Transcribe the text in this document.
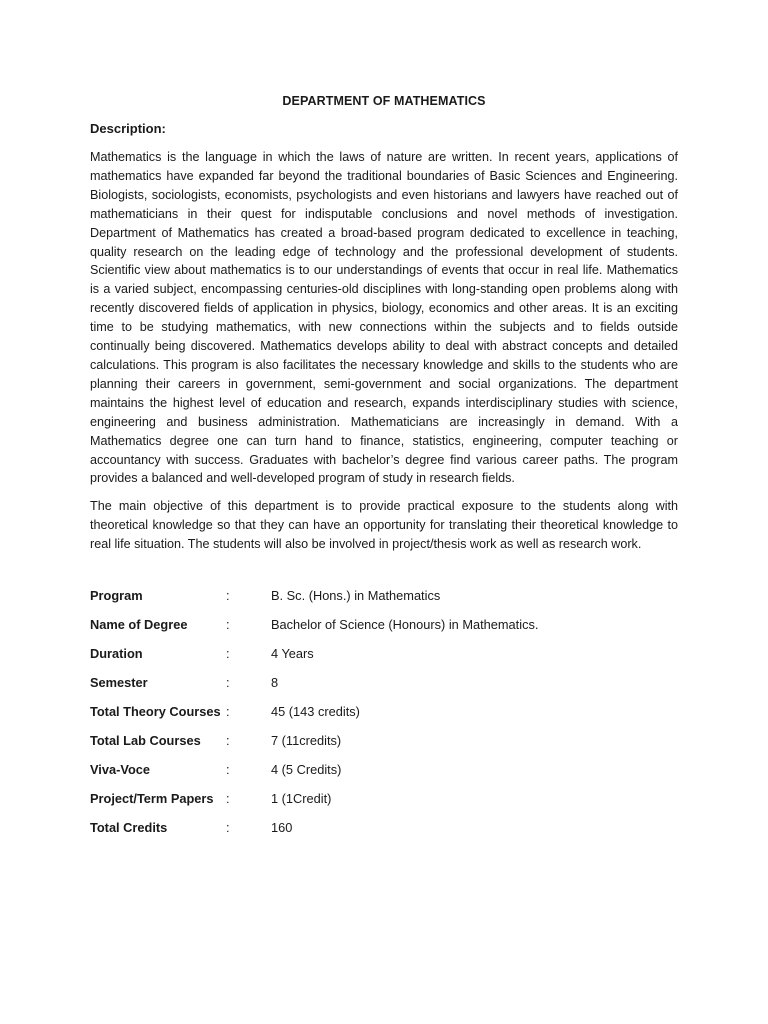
DEPARTMENT OF MATHEMATICS
Description:

Mathematics is the language in which the laws of nature are written. In recent years, applications of mathematics have expanded far beyond the traditional boundaries of Basic Sciences and Engineering. Biologists, sociologists, economists, psychologists and even historians and lawyers have reached out of mathematicians in their quest for indisputable conclusions and novel methods of investigation. Department of Mathematics has created a broad-based program dedicated to excellence in teaching, quality research on the leading edge of technology and the professional development of students. Scientific view about mathematics is to our understandings of events that occur in real life. Mathematics is a varied subject, encompassing centuries-old disciplines with long-standing open problems along with recently discovered fields of application in physics, biology, economics and other areas. It is an exciting time to be studying mathematics, with new connections within the subjects and to fields outside continually being discovered. Mathematics develops ability to deal with abstract concepts and detailed calculations. This program is also facilitates the necessary knowledge and skills to the students who are planning their careers in government, semi-government and social organizations. The department maintains the highest level of education and research, expands interdisciplinary studies with science, engineering and business administration. Mathematicians are increasingly in demand. With a Mathematics degree one can turn hand to finance, statistics, engineering, computer teaching or accountancy with success. Graduates with bachelor’s degree find various career paths. The program provides a balanced and well-developed program of study in research fields.

The main objective of this department is to provide practical exposure to the students along with theoretical knowledge so that they can have an opportunity for translating their theoretical knowledge to real life situation. The students will also be involved in project/thesis work as well as research work.

Program	:	B. Sc. (Hons.) in Mathematics
Name of Degree	:	Bachelor of Science (Honours) in Mathematics.
Duration	:	4 Years
Semester	:	8
Total Theory Courses :	45 (143 credits)
Total Lab Courses	:	7 (11credits)
Viva-Voce	:	4 (5 Credits)
Project/Term Papers :	1 (1Credit)
Total Credits	:	160
